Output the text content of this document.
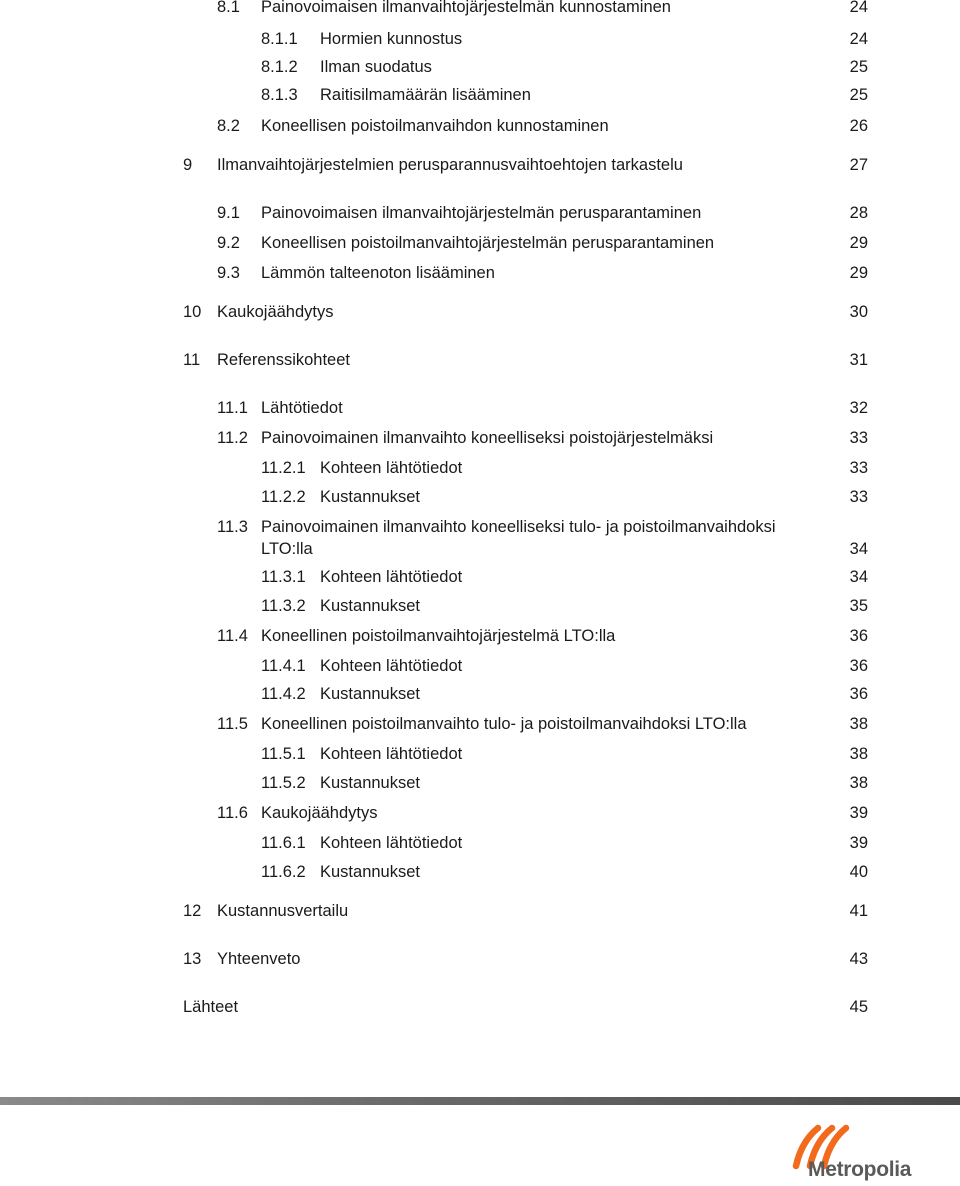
8.1 Painovoimaisen ilmanvaihtojärjestelmän kunnostaminen	24
8.1.1 Hormien kunnostus	24
8.1.2 Ilman suodatus	25
8.1.3 Raitisilmamäärän lisääminen	25
8.2 Koneellisen poistoilmanvaihdon kunnostaminen	26
9 Ilmanvaihtojärjestelmien perusparannusvaihtoehtojen tarkastelu	27
9.1 Painovoimaisen ilmanvaihtojärjestelmän perusparantaminen	28
9.2 Koneellisen poistoilmanvaihtojärjestelmän perusparantaminen	29
9.3 Lämmön talteenoton lisääminen	29
10 Kaukojäähdytys	30
11 Referenssikohteet	31
11.1 Lähtötiedot	32
11.2 Painovoimainen ilmanvaihto koneelliseksi poistojärjestelmäksi	33
11.2.1 Kohteen lähtötiedot	33
11.2.2 Kustannukset	33
11.3 Painovoimainen ilmanvaihto koneelliseksi tulo- ja poistoilmanvaihdoksi LTO:lla	34
11.3.1 Kohteen lähtötiedot	34
11.3.2 Kustannukset	35
11.4 Koneellinen poistoilmanvaihtojärjestelmä LTO:lla	36
11.4.1 Kohteen lähtötiedot	36
11.4.2 Kustannukset	36
11.5 Koneellinen poistoilmanvaihto tulo- ja poistoilmanvaihdoksi LTO:lla	38
11.5.1 Kohteen lähtötiedot	38
11.5.2 Kustannukset	38
11.6 Kaukojäähdytys	39
11.6.1 Kohteen lähtötiedot	39
11.6.2 Kustannukset	40
12 Kustannusvertailu	41
13 Yhteenveto	43
Lähteet	45
Metropolia
